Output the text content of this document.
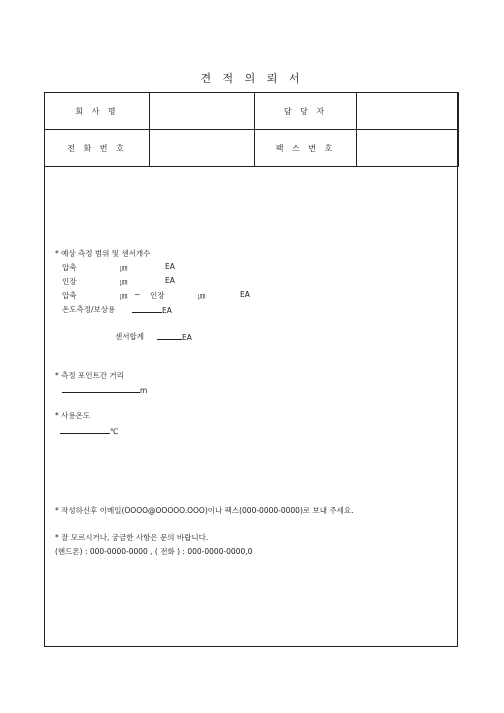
견 적 의 뢰 서
회 사 명		담 당 자	
전 화 번 호		팩 스 번 호	
* 예상 측정 범위 및 센서개수
압축	㎛	EA
인장	㎛	EA
압축	㎛ ~ 인장	㎛	EA
온도측정/보상용	EA
센서합계	EA
* 측정 포인트간 거리
m
* 사용온도
℃
* 작성하신후 이메일(OOOO@OOOOO.OOO)이나 팩스(000-0000-0000)로 보내 주세요.
* 잘 모르시거나, 궁금한 사항은 문의 바랍니다.
(핸드폰) : 000-0000-0000 , ( 전화 ) : 000-0000-0000,0
